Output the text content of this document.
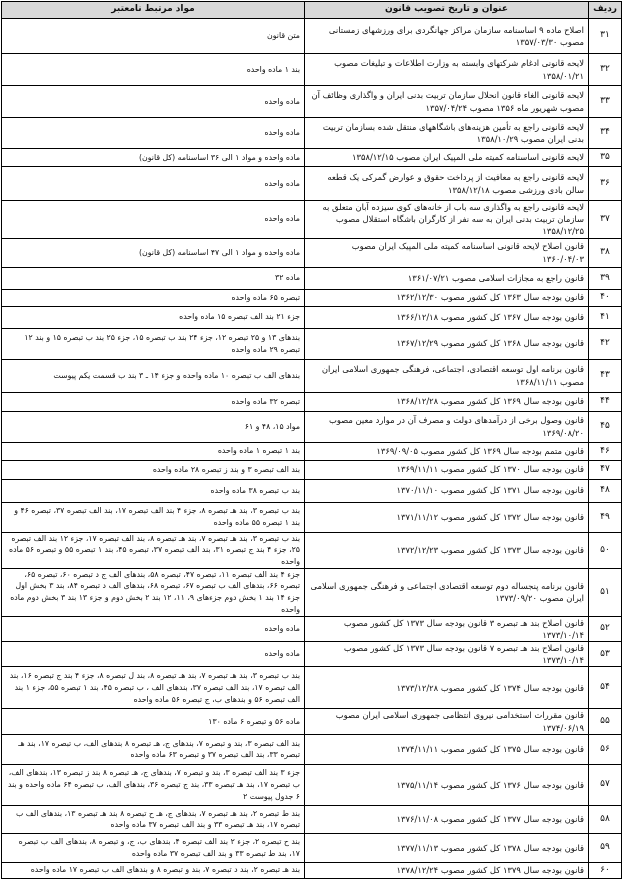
ردیف	عنوان و تاریخ تصویب قانون	مواد مرتبط نامعتبر
۳۱	اصلاح ماده ۹ اساسنامه سازمان مراکز جهانگردی برای ورزشهای زمستانی مصوب ۱۳۵۷/۰۳/۳۰	متن قانون
۳۲	لایحه قانونی ادغام شرکتهای وابسته به وزارت اطلاعات و تبلیغات مصوب ۱۳۵۸/۰۱/۲۱	بند ۱ ماده واحده
۳۳	لایحه قانونی الغاء قانون انحلال سازمان تربیت بدنی ایران و واگذاری وظائف آن مصوب شهریور ماه ۱۳۵۶ مصوب ۱۳۵۷/۰۴/۲۴	ماده واحده
۳۴	لایحه قانونی راجع به تأمین هزینه‌های باشگاههای منتقل شده بسازمان تربیت بدنی ایران مصوب ۱۳۵۸/۱۰/۲۹	ماده واحده
۳۵	لایحه قانونی اساسنامه کمیته ملی المپیک ایران مصوب ۱۳۵۸/۱۲/۱۵	ماده واحده و مواد ۱ الی ۳۶ اساسنامه (کل قانون)
۳۶	لایحه قانونی راجع به معافیت از پرداخت حقوق و عوارض گمرکی یک قطعه سالن بادی ورزشی مصوب ۱۳۵۸/۱۲/۱۸	ماده واحده
۳۷	لایحه قانونی راجع به واگذاری سه باب از خانه‌های کوی سیزده آبان متعلق به سازمان تربیت بدنی ایران به سه نفر از کارگران باشگاه استقلال مصوب ۱۳۵۸/۱۲/۲۵	ماده واحده
۳۸	قانون اصلاح لایحه قانونی اساسنامه کمیته ملی المپیک ایران مصوب ۱۳۶۰/۰۴/۰۳	ماده واحده و مواد ۱ الی ۴۷ اساسنامه (کل قانون)
۳۹	قانون راجع به مجازات اسلامی مصوب ۱۳۶۱/۰۷/۲۱	ماده ۳۲
۴۰	قانون بودجه سال ۱۳۶۳ کل کشور مصوب ۱۳۶۲/۱۲/۳۰	تبصره ۶۵ ماده واحده
۴۱	قانون بودجه سال ۱۳۶۷ کل کشور مصوب ۱۳۶۶/۱۲/۱۸	جزء ۲۱ بند الف تبصره ۱۵ ماده واحده
۴۲	قانون بودجه سال ۱۳۶۸ کل کشور مصوب ۱۳۶۷/۱۲/۲۹	بندهای ۱۳ و ۲۵ تبصره ۱۲، جزء ۲۴ بند ب تبصره ۱۵، جزء ۲۵ بند ب تبصره ۱۵ و بند ۱۲ تبصره ۲۹ ماده واحده
۴۳	قانون برنامه اول توسعه اقتصادی، اجتماعی، فرهنگی جمهوری اسلامی ایران مصوب ۱۳۶۸/۱۱/۱۱	بندهای الف ب تبصره ۱۰ ماده واحده و جزء ۱۴ ـ ۳ بند ب قسمت یکم پیوست
۴۴	قانون بودجه سال ۱۳۶۹ کل کشور مصوب ۱۳۶۸/۱۲/۲۸	تبصره ۳۲ ماده واحده
۴۵	قانون وصول برخی از درآمدهای دولت و مصرف آن در موارد معین مصوب ۱۳۶۹/۰۸/۲۰	مواد ۱۵، ۴۸ و ۶۱
۴۶	قانون متمم بودجه سال ۱۳۶۹ کل کشور مصوب ۱۳۶۹/۰۹/۰۵	بند ۱ تبصره ۱ ماده واحده
۴۷	قانون بودجه سال ۱۳۷۰ کل کشور مصوب ۱۳۶۹/۱۱/۱۱	بند الف تبصره ۳ و بند ز تبصره ۲۸ ماده واحده
۴۸	قانون بودجه سال ۱۳۷۱ کل کشور مصوب ۱۳۷۰/۱۱/۱۰	بند ب تبصره ۳۸ ماده واحده
۴۹	قانون بودجه سال ۱۳۷۲ کل کشور مصوب ۱۳۷۱/۱۱/۱۲	بند ب تبصره ۳، بند هـ تبصره ۸، جزء ۴ بند الف تبصره ۱۷، بند الف تبصره ۳۷، تبصره ۴۶ و بند ۱ تبصره ۵۵ ماده واحده
۵۰	قانون بودجه سال ۱۳۷۳ کل کشور مصوب ۱۳۷۲/۱۲/۲۳	بند ب تبصره ۳، بند هـ تبصره ۷، بند هـ تبصره ۸، بند الف تبصره ۱۷، جزء ۱۲ بند الف تبصره ۲۵، جزء ۴ بند ج تبصره ۳۱، بند الف تبصره ۳۷، تبصره ۴۵، بند ۱ تبصره ۵۵ و تبصره ۵۶ ماده واحده
۵۱	قانون برنامه پنجساله دوم توسعه اقتصادی اجتماعی و فرهنگی جمهوری اسلامی ایران مصوب ۱۳۷۳/۰۹/۲۰	جزء ۴ بند الف تبصره ۱۱، تبصره ۴۷، تبصره ۵۸، بندهای الف ج د تبصره ۶۰، تبصره ۶۵، تبصره ۶۶، بندهای الف ب تبصره ۶۷، تبصره ۶۸، بندهای الف د تبصره ۸۴، بند ۳ بخش اول جزء ۱۴ بند ۱ بخش دوم جزءهای ۹، ۱۱، ۱۲ بند ۲ بخش دوم و جزء ۱۳ بند ۳ بخش دوم ماده واحده
۵۲	قانون اصلاح بند هـ تبصره ۳ قانون بودجه سال ۱۳۷۳ کل کشور مصوب ۱۳۷۳/۱۰/۱۴	ماده واحده
۵۳	قانون اصلاح بند هـ تبصره ۷ قانون بودجه سال ۱۳۷۳ کل کشور مصوب ۱۳۷۳/۱۰/۱۴	ماده واحده
۵۴	قانون بودجه سال ۱۳۷۴ کل کشور مصوب ۱۳۷۳/۱۲/۲۸	بند ب تبصره ۳، بند هـ تبصره ۷، بند هـ تبصره ۸، بند ل تبصره ۸، جزء ۴ بند ج تبصره ۱۶، بند الف تبصره ۱۷، بند الف تبصره ۳۷، بندهای الف ، ب تبصره ۴۵، بند ۱ تبصره ۵۵، جزء ۱ بند الف تبصره ۵۶ و بندهای ب، ج تبصره ۵۶ ماده واحده
۵۵	قانون مقررات استخدامی نیروی انتظامی جمهوری اسلامی ایران مصوب ۱۳۷۴/۰۶/۱۹	ماده ۵۶ و تبصره ۶ ماده ۱۳۰
۵۶	قانون بودجه سال ۱۳۷۵ کل کشور مصوب ۱۳۷۴/۱۱/۱۱	بند الف تبصره ۳، بند و تبصره ۷، بندهای ج، هـ تبصره ۸ بندهای الف، ب تبصره ۱۷، بند هـ تبصره ۳۳، بند الف تبصره ۳۷ و تبصره ۶۳ ماده واحده
۵۷	قانون بودجه سال ۱۳۷۶ کل کشور مصوب ۱۳۷۵/۱۱/۱۴	جزء ۳ بند الف تبصره ۳، بند و تبصره ۷، بندهای ج، هـ تبصره ۸ بند ز تبصره ۱۳، بندهای الف، ب تبصره ۱۷، بند هـ تبصره ۳۳، بند ج تبصره ۳۶، بندهای الف، ب تبصره ۶۴ ماده واحده و بند ۶ جدول پیوست ۲
۵۸	قانون بودجه سال ۱۳۷۷ کل کشور مصوب ۱۳۷۶/۱۱/۰۸	بند ط تبصره ۲، بند هـ تبصره ۷، بندهای ج، هـ ح تبصره ۸ بند هـ تبصره ۱۳، بندهای الف ب تبصره ۱۷، بند هـ تبصره ۳۳ و بند الف تبصره ۳۷ ماده واحده
۵۹	قانون بودجه سال ۱۳۷۸ کل کشور مصوب ۱۳۷۷/۱۱/۱۳	بند ح تبصره ۲، جزء ۲ بند الف تبصره ۴، بندهای ب، ج، و تبصره ۸، بندهای الف ب تبصره ۱۷، بند ط تبصره ۳۳ و بند الف تبصره ۳۷ ماده واحده
۶۰	قانون بودجه سال ۱۳۷۹ کل کشور مصوب ۱۳۷۸/۱۲/۲۴	بند هـ تبصره ۲، بند د تبصره ۷، بند و تبصره ۸ و بندهای الف ب تبصره ۱۷ ماده واحده
